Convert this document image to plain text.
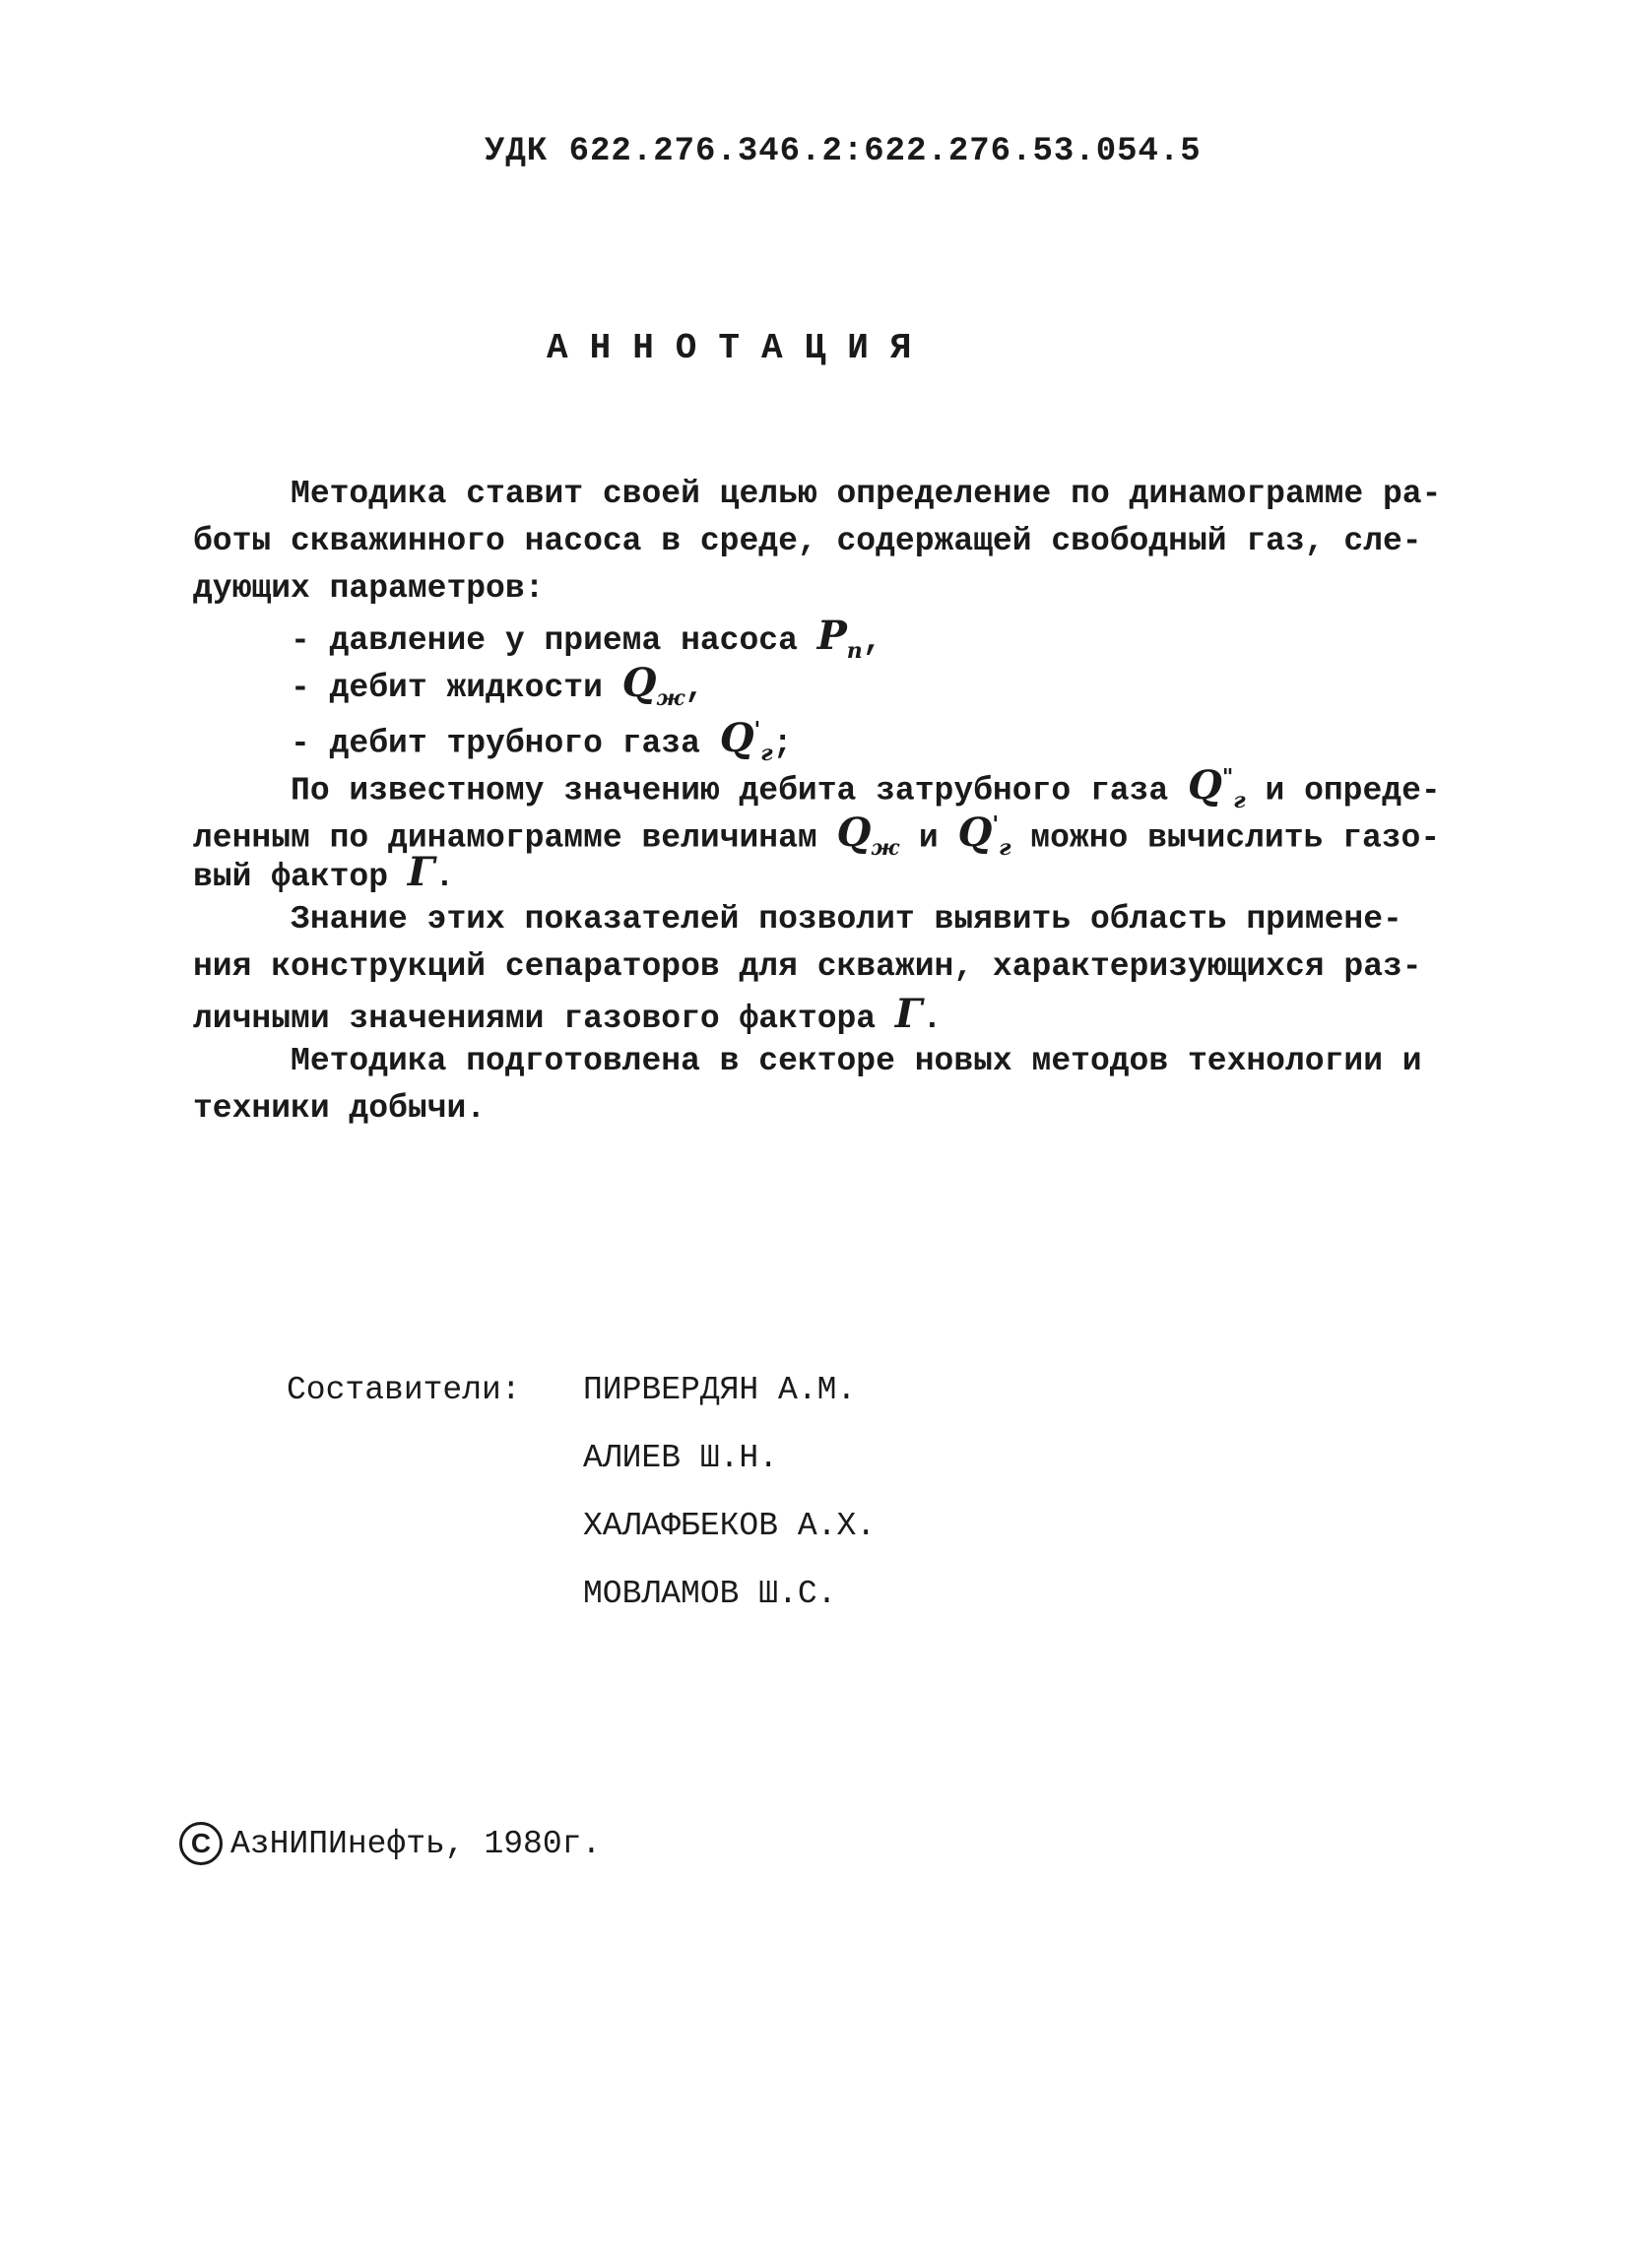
УДК 622.276.346.2:622.276.53.054.5
АННОТАЦИЯ
Методика ставит своей целью определение по динамограмме ра-
боты скважинного насоса в среде, содержащей свободный газ, сле-
дующих параметров:
- давление у приема насоса $P_п$,
- дебит жидкости $Q_ж$,
- дебит трубного газа $Q'_г$;
По известному значению дебита затрубного газа $Q^"_г$ и опреде-
ленным по динамограмме величинам $Q_ж$ и $Q'_г$ можно вычислить газо-
вый фактор Г.
Знание этих показателей позволит выявить область примене-
ния конструкций сепараторов для скважин, характеризующихся раз-
личными значениями газового фактора Г.
Методика подготовлена в секторе новых методов технологии и
техники добычи.
Составители: ПИРВЕРДЯН А.М.
АЛИЕВ Ш.Н.
ХАЛАФБЕКОВ А.Х.
МОВЛАМОВ Ш.С.
C АзНИПИнефть, 1980г.
